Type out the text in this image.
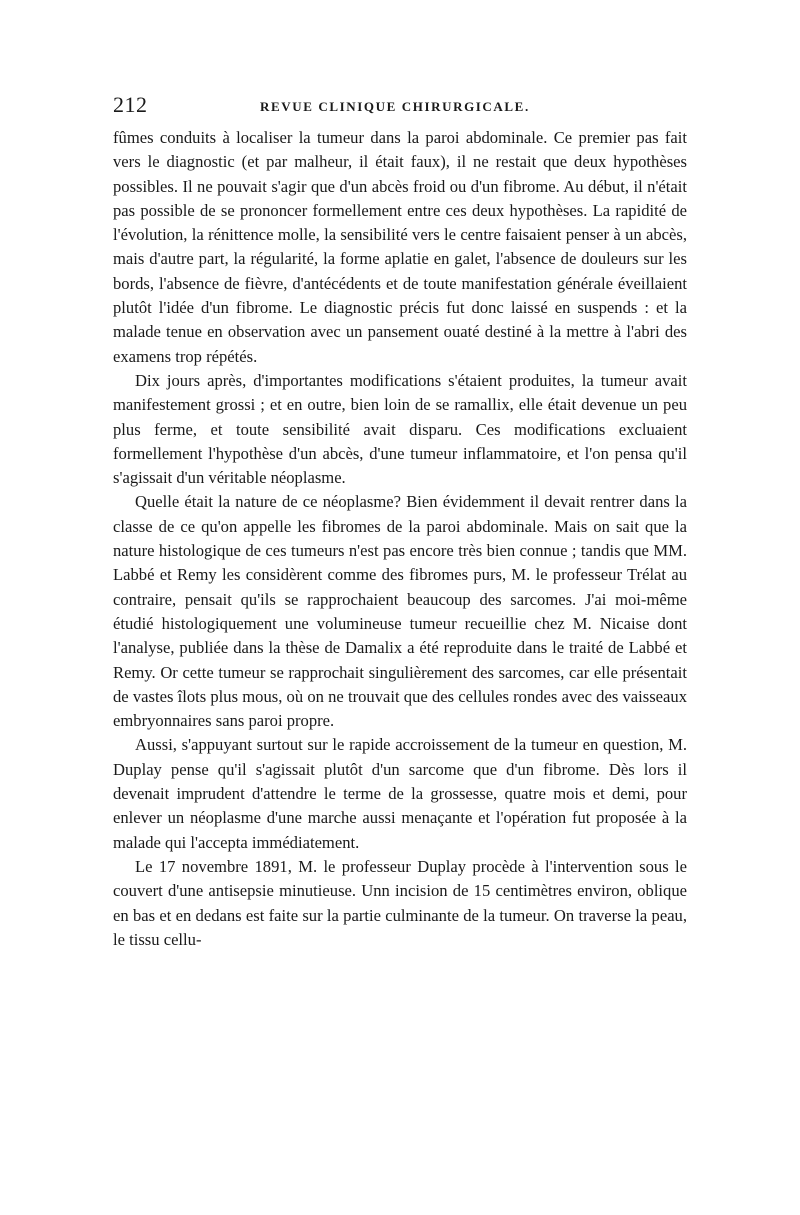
212	REVUE CLINIQUE CHIRURGICALE.

fûmes conduits à localiser la tumeur dans la paroi abdominale. Ce premier pas fait vers le diagnostic (et par malheur, il était faux), il ne restait que deux hypothèses possibles. Il ne pouvait s'agir que d'un abcès froid ou d'un fibrome. Au début, il n'était pas possible de se prononcer formellement entre ces deux hypothèses. La rapidité de l'évolution, la rénittence molle, la sensibilité vers le centre faisaient penser à un abcès, mais d'autre part, la régularité, la forme aplatie en galet, l'absence de douleurs sur les bords, l'absence de fièvre, d'antécédents et de toute manifestation générale éveillaient plutôt l'idée d'un fibrome. Le diagnostic précis fut donc laissé en suspends : et la malade tenue en observation avec un pansement ouaté destiné à la mettre à l'abri des examens trop répétés.

Dix jours après, d'importantes modifications s'étaient produites, la tumeur avait manifestement grossi ; et en outre, bien loin de se ramallix, elle était devenue un peu plus ferme, et toute sensibilité avait disparu. Ces modifications excluaient formellement l'hypothèse d'un abcès, d'une tumeur inflammatoire, et l'on pensa qu'il s'agissait d'un véritable néoplasme.

Quelle était la nature de ce néoplasme? Bien évidemment il devait rentrer dans la classe de ce qu'on appelle les fibromes de la paroi abdominale. Mais on sait que la nature histologique de ces tumeurs n'est pas encore très bien connue ; tandis que MM. Labbé et Remy les considèrent comme des fibromes purs, M. le professeur Trélat au contraire, pensait qu'ils se rapprochaient beaucoup des sarcomes. J'ai moi-même étudié histologiquement une volumineuse tumeur recueillie chez M. Nicaise dont l'analyse, publiée dans la thèse de Damalix a été reproduite dans le traité de Labbé et Remy. Or cette tumeur se rapprochait singulièrement des sarcomes, car elle présentait de vastes îlots plus mous, où on ne trouvait que des cellules rondes avec des vaisseaux embryonnaires sans paroi propre.

Aussi, s'appuyant surtout sur le rapide accroissement de la tumeur en question, M. Duplay pense qu'il s'agissait plutôt d'un sarcome que d'un fibrome. Dès lors il devenait imprudent d'attendre le terme de la grossesse, quatre mois et demi, pour enlever un néoplasme d'une marche aussi menaçante et l'opération fut proposée à la malade qui l'accepta immédiatement.

Le 17 novembre 1891, M. le professeur Duplay procède à l'intervention sous le couvert d'une antisepsie minutieuse. Unn incision de 15 centimètres environ, oblique en bas et en dedans est faite sur la partie culminante de la tumeur. On traverse la peau, le tissu cellu-
